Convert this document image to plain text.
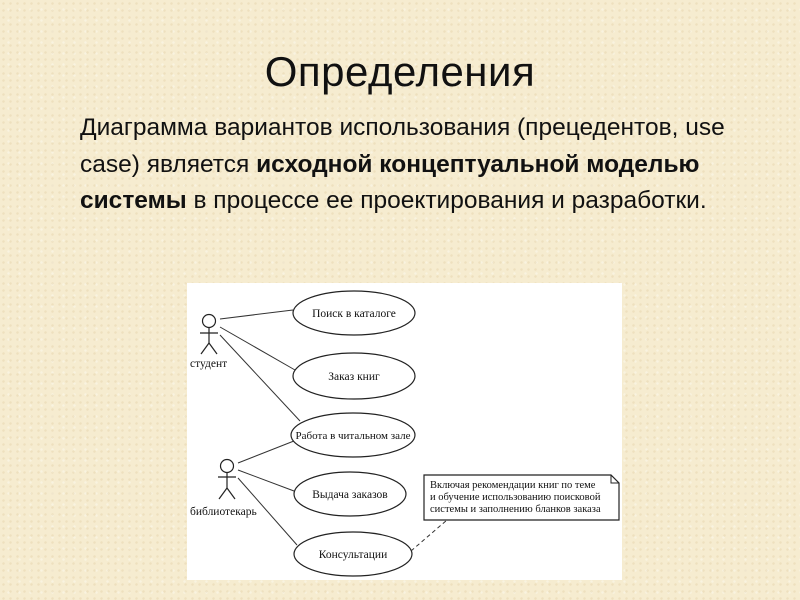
Определения
Диаграмма вариантов использования (прецедентов, use case) является исходной концептуальной моделью системы в процессе ее проектирования и разработки.
студент
библиотекарь
Поиск в каталоге
Заказ книг
Работа в читальном зале
Выдача заказов
Консультации
Включая рекомендации книг по теме
и обучение использованию поисковой
системы и заполнению бланков заказа
